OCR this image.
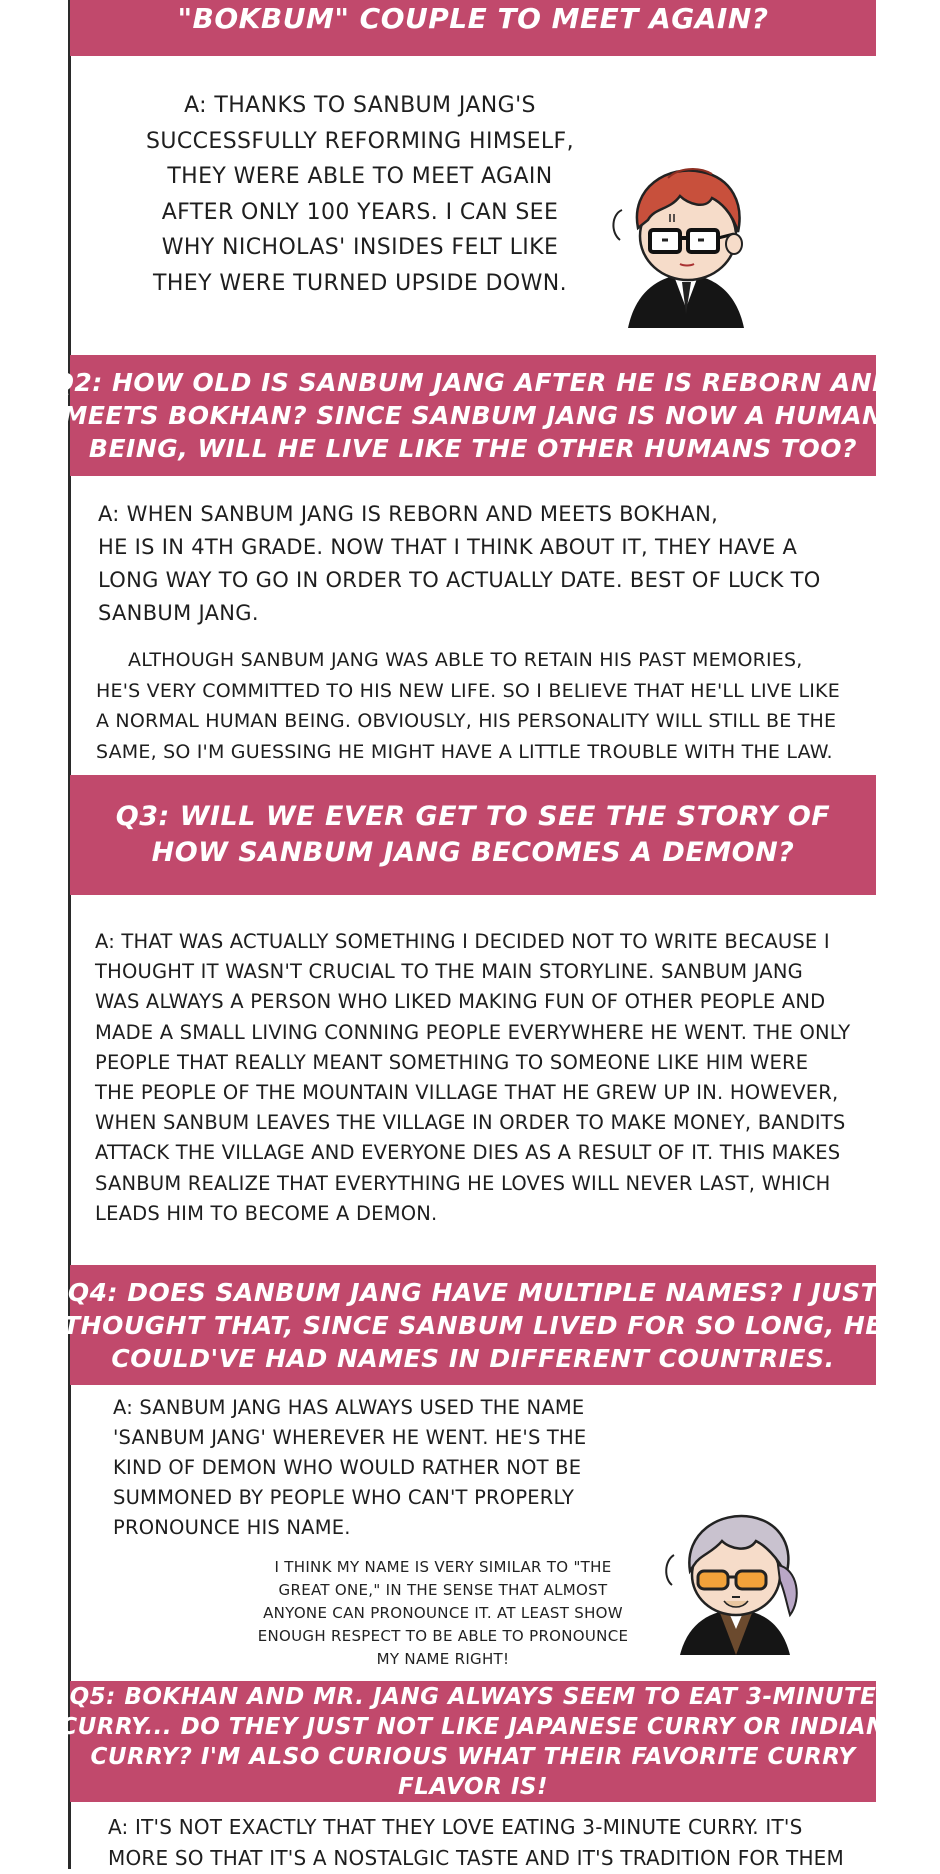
"BOKBUM" COUPLE TO MEET AGAIN?
A: THANKS TO SANBUM JANG'S
SUCCESSFULLY REFORMING HIMSELF,
THEY WERE ABLE TO MEET AGAIN
AFTER ONLY 100 YEARS. I CAN SEE
WHY NICHOLAS' INSIDES FELT LIKE
THEY WERE TURNED UPSIDE DOWN.
Q2: HOW OLD IS SANBUM JANG AFTER HE IS REBORN AND
MEETS BOKHAN? SINCE SANBUM JANG IS NOW A HUMAN
BEING, WILL HE LIVE LIKE THE OTHER HUMANS TOO?
A: WHEN SANBUM JANG IS REBORN AND MEETS BOKHAN,
HE IS IN 4TH GRADE. NOW THAT I THINK ABOUT IT, THEY HAVE A
LONG WAY TO GO IN ORDER TO ACTUALLY DATE. BEST OF LUCK TO
SANBUM JANG.
ALTHOUGH SANBUM JANG WAS ABLE TO RETAIN HIS PAST MEMORIES,
HE'S VERY COMMITTED TO HIS NEW LIFE. SO I BELIEVE THAT HE'LL LIVE LIKE
A NORMAL HUMAN BEING. OBVIOUSLY, HIS PERSONALITY WILL STILL BE THE
SAME, SO I'M GUESSING HE MIGHT HAVE A LITTLE TROUBLE WITH THE LAW.
Q3: WILL WE EVER GET TO SEE THE STORY OF
HOW SANBUM JANG BECOMES A DEMON?
A: THAT WAS ACTUALLY SOMETHING I DECIDED NOT TO WRITE BECAUSE I
THOUGHT IT WASN'T CRUCIAL TO THE MAIN STORYLINE. SANBUM JANG
WAS ALWAYS A PERSON WHO LIKED MAKING FUN OF OTHER PEOPLE AND
MADE A SMALL LIVING CONNING PEOPLE EVERYWHERE HE WENT. THE ONLY
PEOPLE THAT REALLY MEANT SOMETHING TO SOMEONE LIKE HIM WERE
THE PEOPLE OF THE MOUNTAIN VILLAGE THAT HE GREW UP IN. HOWEVER,
WHEN SANBUM LEAVES THE VILLAGE IN ORDER TO MAKE MONEY, BANDITS
ATTACK THE VILLAGE AND EVERYONE DIES AS A RESULT OF IT. THIS MAKES
SANBUM REALIZE THAT EVERYTHING HE LOVES WILL NEVER LAST, WHICH
LEADS HIM TO BECOME A DEMON.
Q4: DOES SANBUM JANG HAVE MULTIPLE NAMES? I JUST
THOUGHT THAT, SINCE SANBUM LIVED FOR SO LONG, HE
COULD'VE HAD NAMES IN DIFFERENT COUNTRIES.
A: SANBUM JANG HAS ALWAYS USED THE NAME
'SANBUM JANG' WHEREVER HE WENT. HE'S THE
KIND OF DEMON WHO WOULD RATHER NOT BE
SUMMONED BY PEOPLE WHO CAN'T PROPERLY
PRONOUNCE HIS NAME.
I THINK MY NAME IS VERY SIMILAR TO "THE
GREAT ONE," IN THE SENSE THAT ALMOST
ANYONE CAN PRONOUNCE IT. AT LEAST SHOW
ENOUGH RESPECT TO BE ABLE TO PRONOUNCE
MY NAME RIGHT!
Q5: BOKHAN AND MR. JANG ALWAYS SEEM TO EAT 3-MINUTE
CURRY... DO THEY JUST NOT LIKE JAPANESE CURRY OR INDIAN
CURRY? I'M ALSO CURIOUS WHAT THEIR FAVORITE CURRY
FLAVOR IS!
A: IT'S NOT EXACTLY THAT THEY LOVE EATING 3-MINUTE CURRY. IT'S
MORE SO THAT IT'S A NOSTALGIC TASTE AND IT'S TRADITION FOR THEM
